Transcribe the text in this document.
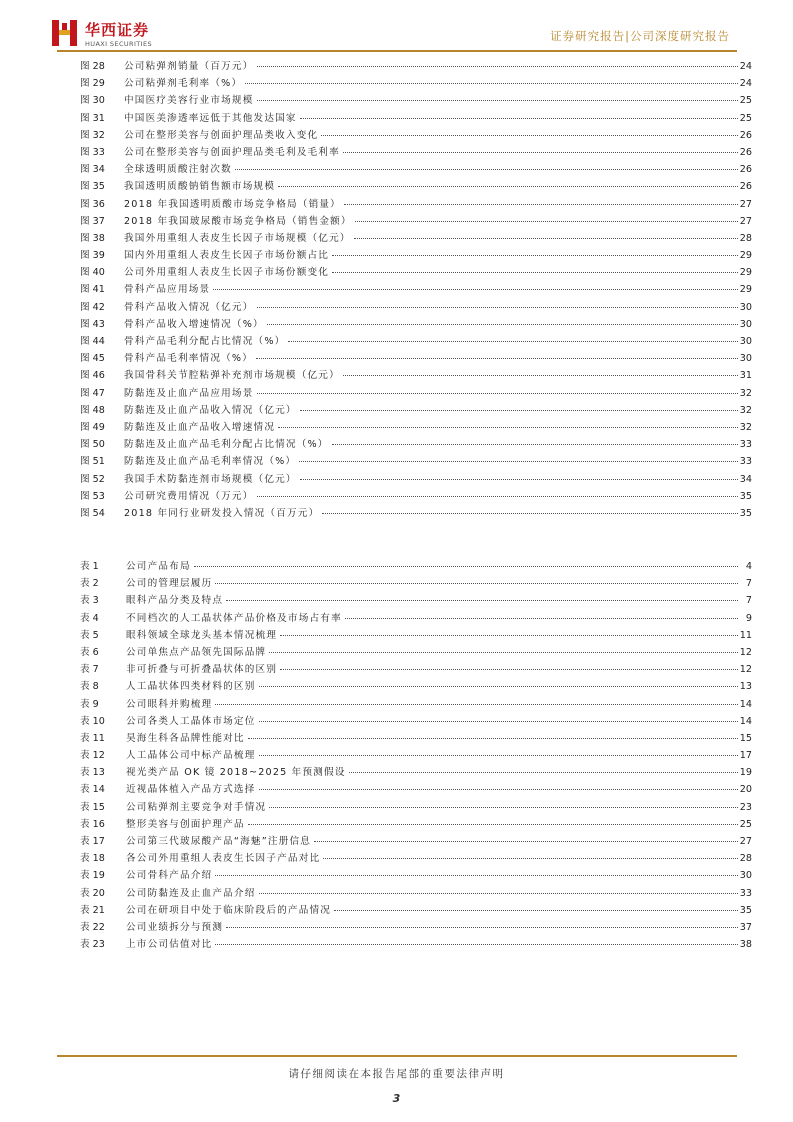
华西证券
HUAXI SECURITIES
证券研究报告|公司深度研究报告
图 28	公司粘弹剂销量（百万元）	24
图 29	公司粘弹剂毛利率（%）	24
图 30	中国医疗美容行业市场规模	25
图 31	中国医美渗透率远低于其他发达国家	25
图 32	公司在整形美容与创面护理品类收入变化	26
图 33	公司在整形美容与创面护理品类毛利及毛利率	26
图 34	全球透明质酸注射次数	26
图 35	我国透明质酸钠销售额市场规模	26
图 36	2018 年我国透明质酸市场竞争格局（销量）	27
图 37	2018 年我国玻尿酸市场竞争格局（销售金额）	27
图 38	我国外用重组人表皮生长因子市场规模（亿元）	28
图 39	国内外用重组人表皮生长因子市场份额占比	29
图 40	公司外用重组人表皮生长因子市场份额变化	29
图 41	骨科产品应用场景	29
图 42	骨科产品收入情况（亿元）	30
图 43	骨科产品收入增速情况（%）	30
图 44	骨科产品毛利分配占比情况（%）	30
图 45	骨科产品毛利率情况（%）	30
图 46	我国骨科关节腔粘弹补充剂市场规模（亿元）	31
图 47	防黏连及止血产品应用场景	32
图 48	防黏连及止血产品收入情况（亿元）	32
图 49	防黏连及止血产品收入增速情况	32
图 50	防黏连及止血产品毛利分配占比情况（%）	33
图 51	防黏连及止血产品毛利率情况（%）	33
图 52	我国手术防黏连剂市场规模（亿元）	34
图 53	公司研究费用情况（万元）	35
图 54	2018 年同行业研发投入情况（百万元）	35
表 1	公司产品布局	4
表 2	公司的管理层履历	7
表 3	眼科产品分类及特点	7
表 4	不同档次的人工晶状体产品价格及市场占有率	9
表 5	眼科领域全球龙头基本情况梳理	11
表 6	公司单焦点产品领先国际品牌	12
表 7	非可折叠与可折叠晶状体的区别	12
表 8	人工晶状体四类材料的区别	13
表 9	公司眼科并购梳理	14
表 10	公司各类人工晶体市场定位	14
表 11	昊海生科各品牌性能对比	15
表 12	人工晶体公司中标产品梳理	17
表 13	视光类产品 OK 镜 2018~2025 年预测假设	19
表 14	近视晶体植入产品方式选择	20
表 15	公司粘弹剂主要竞争对手情况	23
表 16	整形美容与创面护理产品	25
表 17	公司第三代玻尿酸产品“海魅”注册信息	27
表 18	各公司外用重组人表皮生长因子产品对比	28
表 19	公司骨科产品介绍	30
表 20	公司防黏连及止血产品介绍	33
表 21	公司在研项目中处于临床阶段后的产品情况	35
表 22	公司业绩拆分与预测	37
表 23	上市公司估值对比	38
请仔细阅读在本报告尾部的重要法律声明
3
